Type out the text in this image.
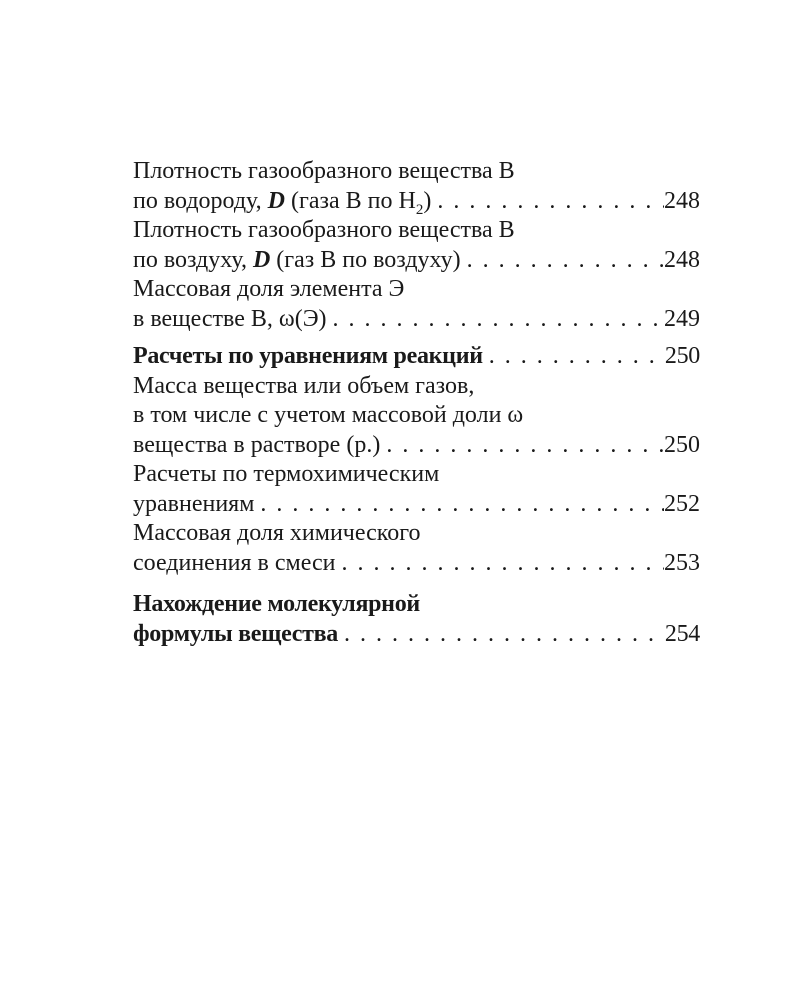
Плотность газообразного вещества В
по водороду, D (газа В по $Н_2$) . . .	248
Плотность газообразного вещества В
по воздуху, D (газ В по воздуху) . . .	248
Массовая доля элемента Э
в веществе В, ω(Э) . . .	249
Расчеты по уравнениям реакций . . .	250
Масса вещества или объем газов,
в том числе с учетом массовой доли ω
вещества в растворе (р.) . . .	250
Расчеты по термохимическим
уравнениям . . .	252
Массовая доля химического
соединения в смеси . . .	253
Нахождение молекулярной
формулы вещества . . .	254
